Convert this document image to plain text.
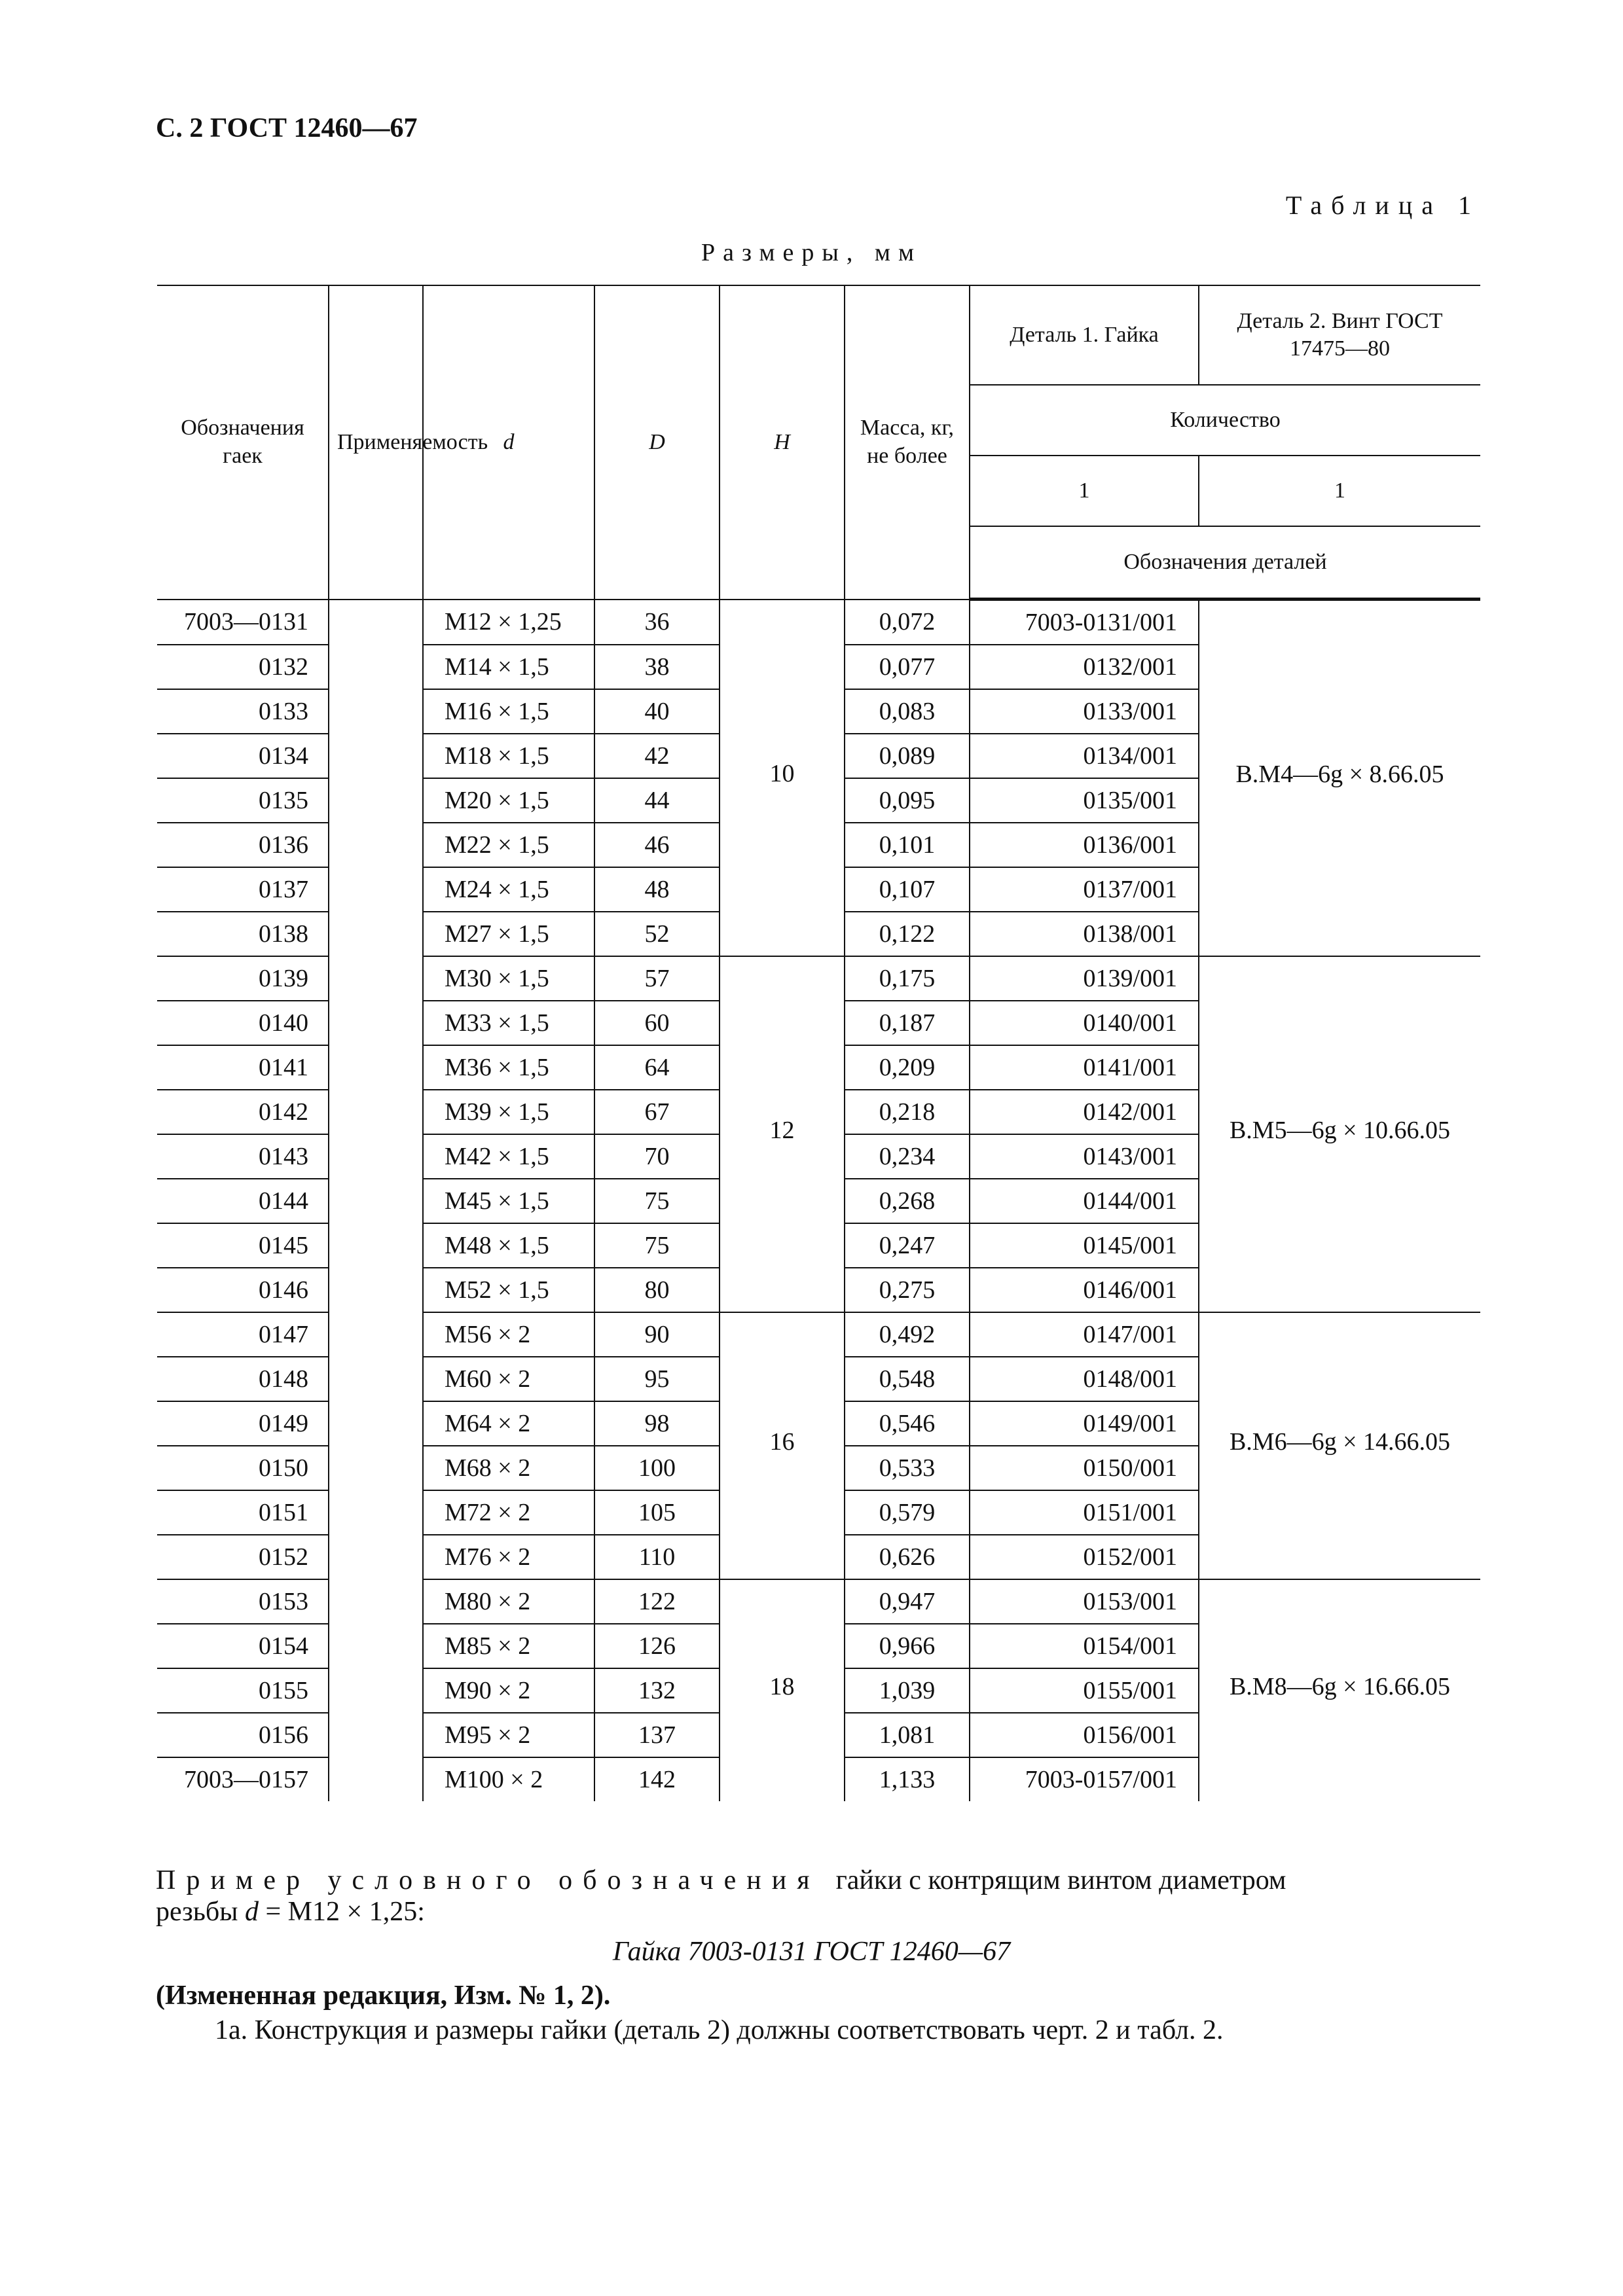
С. 2 ГОСТ 12460—67
Таблица 1
Размеры, мм
Обозначения гаек	Применяемость	d	D	H	Масса, кг, не более	Деталь 1. Гайка	Деталь 2. Винт ГОСТ 17475—80
						Количество	
						1	1
						Обозначения деталей	
7003—0131		М12 × 1,25	36	10	0,072	7003-0131/001	В.М4—6g × 8.66.05
0132		М14 × 1,5	38		0,077	0132/001	
0133		М16 × 1,5	40		0,083	0133/001	
0134		М18 × 1,5	42		0,089	0134/001	
0135		М20 × 1,5	44		0,095	0135/001	
0136		М22 × 1,5	46		0,101	0136/001	
0137		М24 × 1,5	48		0,107	0137/001	
0138		М27 × 1,5	52		0,122	0138/001	
0139		М30 × 1,5	57	12	0,175	0139/001	В.М5—6g × 10.66.05
0140		М33 × 1,5	60		0,187	0140/001	
0141		М36 × 1,5	64		0,209	0141/001	
0142		М39 × 1,5	67		0,218	0142/001	
0143		М42 × 1,5	70		0,234	0143/001	
0144		М45 × 1,5	75		0,268	0144/001	
0145		М48 × 1,5	75		0,247	0145/001	
0146		М52 × 1,5	80		0,275	0146/001	
0147		М56 × 2	90	16	0,492	0147/001	В.М6—6g × 14.66.05
0148		М60 × 2	95		0,548	0148/001	
0149		М64 × 2	98		0,546	0149/001	
0150		М68 × 2	100		0,533	0150/001	
0151		М72 × 2	105		0,579	0151/001	
0152		М76 × 2	110		0,626	0152/001	
0153		М80 × 2	122	18	0,947	0153/001	В.М8—6g × 16.66.05
0154		М85 × 2	126		0,966	0154/001	
0155		М90 × 2	132		1,039	0155/001	
0156		М95 × 2	137		1,081	0156/001	
7003—0157		М100 × 2	142		1,133	7003-0157/001	
Пример условного обозначения гайки с контрящим винтом диаметром
резьбы d = М12 × 1,25:
Гайка 7003-0131 ГОСТ 12460—67
(Измененная редакция, Изм. № 1, 2).
1а. Конструкция и размеры гайки (деталь 2) должны соответствовать черт. 2 и табл. 2.
